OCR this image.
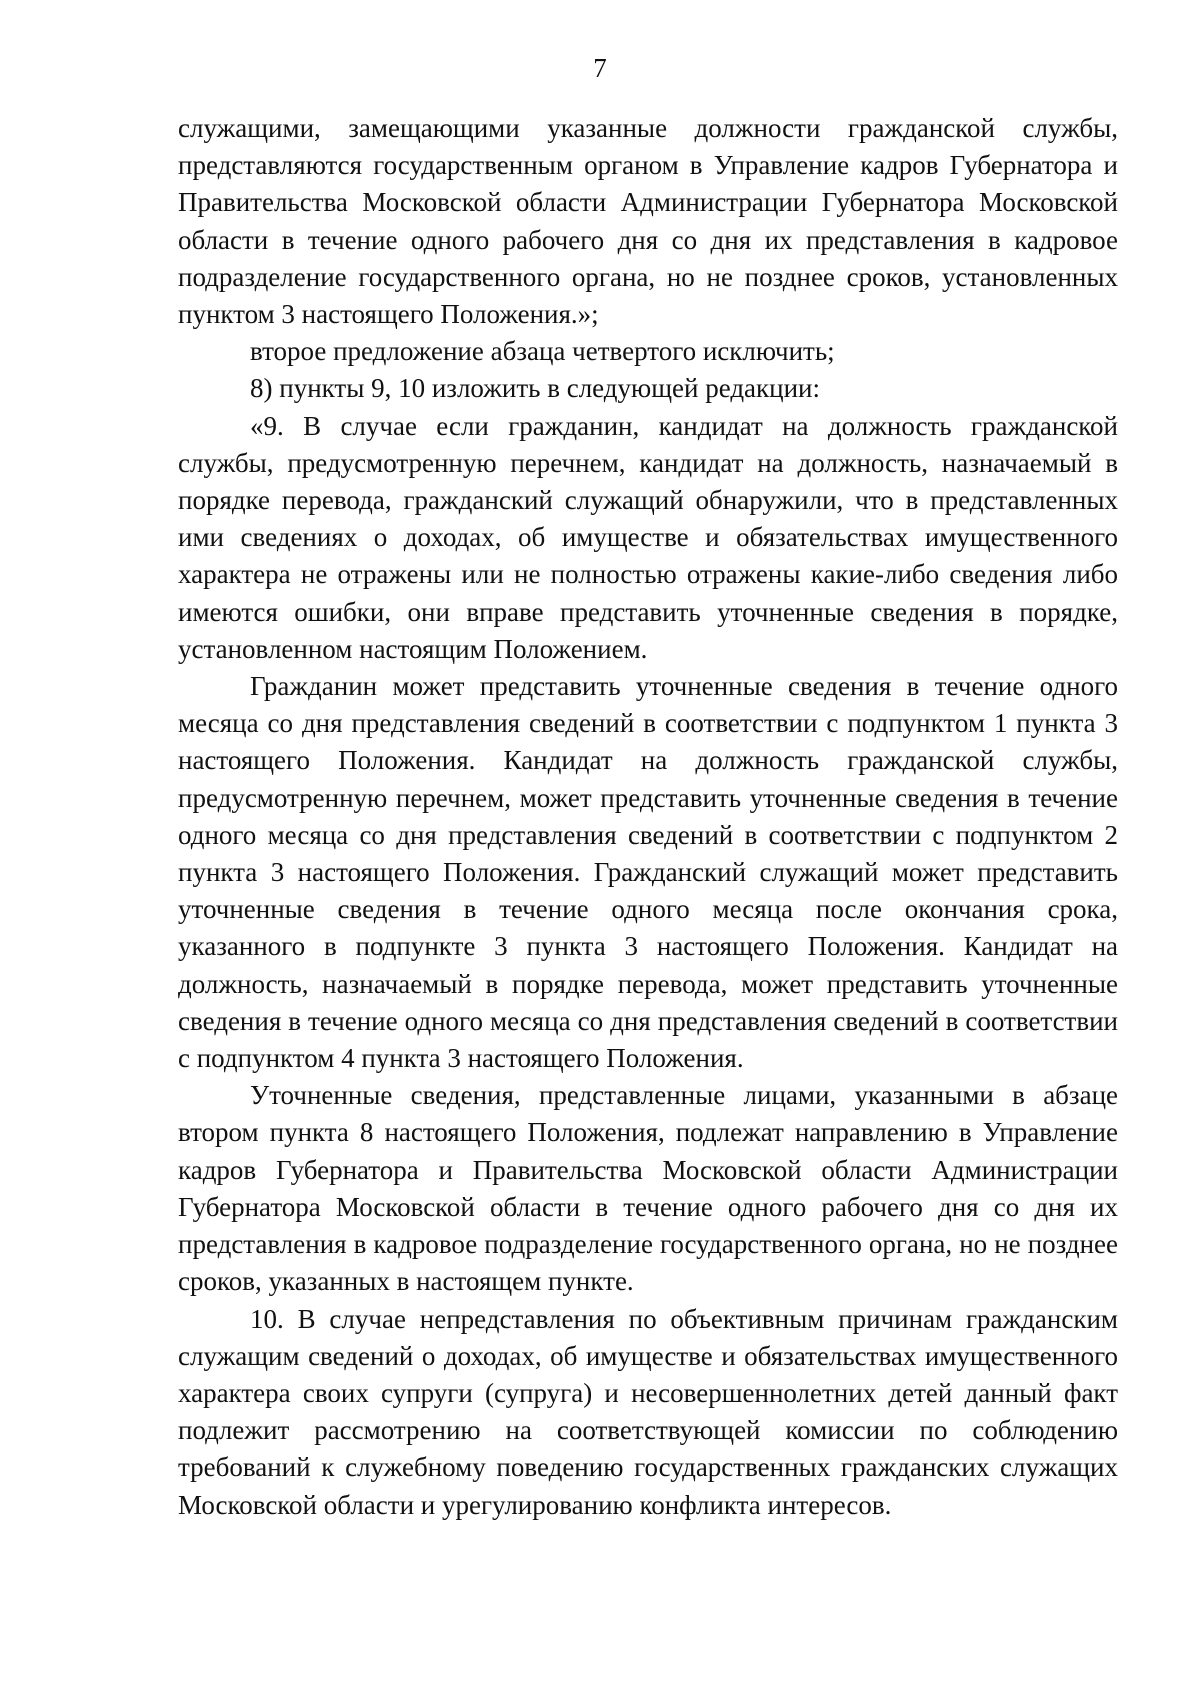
7

служащими, замещающими указанные должности гражданской службы, представляются государственным органом в Управление кадров Губернатора и Правительства Московской области Администрации Губернатора Московской области в течение одного рабочего дня со дня их представления в кадровое подразделение государственного органа, но не позднее сроков, установленных пунктом 3 настоящего Положения.»;

второе предложение абзаца четвертого исключить;

8) пункты 9, 10 изложить в следующей редакции:

«9. В случае если гражданин, кандидат на должность гражданской службы, предусмотренную перечнем, кандидат на должность, назначаемый в порядке перевода, гражданский служащий обнаружили, что в представленных ими сведениях о доходах, об имуществе и обязательствах имущественного характера не отражены или не полностью отражены какие-либо сведения либо имеются ошибки, они вправе представить уточненные сведения в порядке, установленном настоящим Положением.

Гражданин может представить уточненные сведения в течение одного месяца со дня представления сведений в соответствии с подпунктом 1 пункта 3 настоящего Положения. Кандидат на должность гражданской службы, предусмотренную перечнем, может представить уточненные сведения в течение одного месяца со дня представления сведений в соответствии с подпунктом 2 пункта 3 настоящего Положения. Гражданский служащий может представить уточненные сведения в течение одного месяца после окончания срока, указанного в подпункте 3 пункта 3 настоящего Положения. Кандидат на должность, назначаемый в порядке перевода, может представить уточненные сведения в течение одного месяца со дня представления сведений в соответствии с подпунктом 4 пункта 3 настоящего Положения.

Уточненные сведения, представленные лицами, указанными в абзаце втором пункта 8 настоящего Положения, подлежат направлению в Управление кадров Губернатора и Правительства Московской области Администрации Губернатора Московской области в течение одного рабочего дня со дня их представления в кадровое подразделение государственного органа, но не позднее сроков, указанных в настоящем пункте.

10. В случае непредставления по объективным причинам гражданским служащим сведений о доходах, об имуществе и обязательствах имущественного характера своих супруги (супруга) и несовершеннолетних детей данный факт подлежит рассмотрению на соответствующей комиссии по соблюдению требований к служебному поведению государственных гражданских служащих Московской области и урегулированию конфликта интересов.
